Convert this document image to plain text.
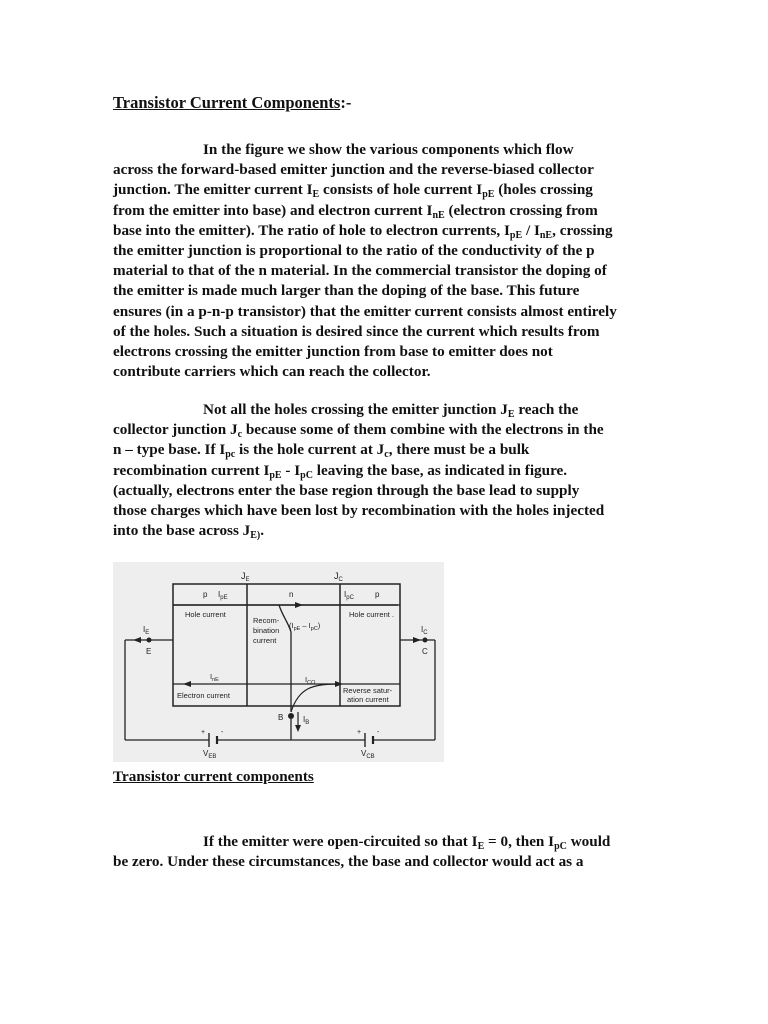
Transistor Current Components:-

In the figure we show the various components which flow
across the forward-based emitter junction and the reverse-biased collector
junction. The emitter current $I_E$ consists of hole current $I_{pE}$ (holes crossing
from the emitter into base) and electron current $I_{nE}$ (electron crossing from
base into the emitter). The ratio of hole to electron currents, $I_{pE} / I_{nE}$, crossing
the emitter junction is proportional to the ratio of the conductivity of the p
material to that of the n material. In the commercial transistor the doping of
the emitter is made much larger than the doping of the base. This future
ensures (in a p-n-p transistor) that the emitter current consists almost entirely
of the holes. Such a situation is desired since the current which results from
electrons crossing the emitter junction from base to emitter does not
contribute carriers which can reach the collector.

Not all the holes crossing the emitter junction $J_E$ reach the
collector junction $J_c$ because some of them combine with the electrons in the
n – type base. If $I_{pc}$ is the hole current at $J_c$, there must be a bulk
recombination current $I_{pE} - I_{pC}$ leaving the base, as indicated in figure.
(actually, electrons enter the base region through the base lead to supply
those charges which have been lost by recombination with the holes injected
into the base across $J_{E)}$.

$J_E$	$J_C$
p $I_{pE}$	n	$I_{pC}$	p
Hole current	Hole current .
Recom-
bination
current
$(I_{pE} - I_{pC})$
$I_{nE}$
Electron current
$I_{CO}$
Reverse satur-
ation current
$I_E$
E
$I_C$
C
B $I_B$
+ -
$V_{EB}$
+ -
$V_{CB}$

Transistor current components

If the emitter were open-circuited so that $I_E = 0$, then $I_{pC}$ would
be zero. Under these circumstances, the base and collector would act as a
